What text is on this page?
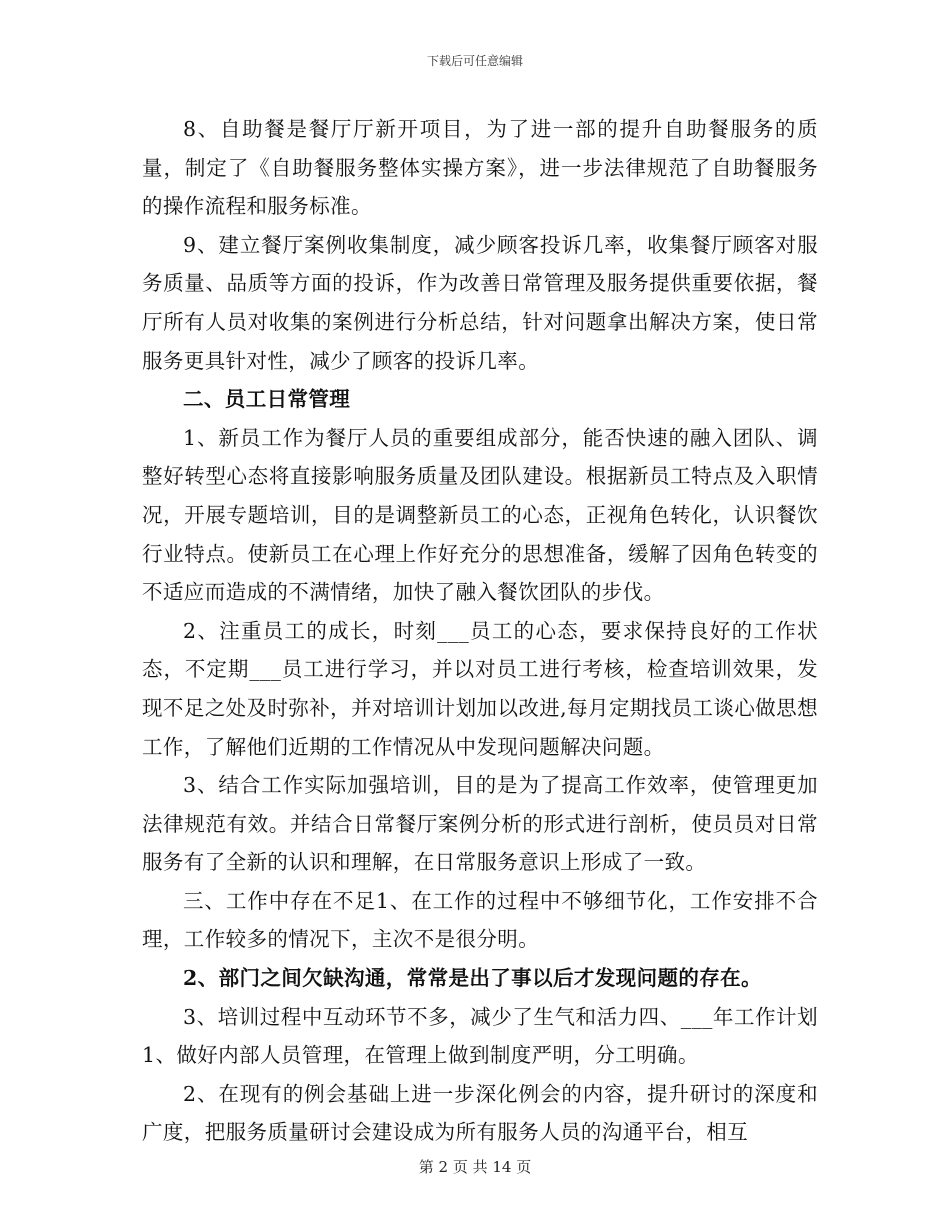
下载后可任意编辑

8、自助餐是餐厅厅新开项目，为了进一部的提升自助餐服务的质量，制定了《自助餐服务整体实操方案》，进一步法律规范了自助餐服务的操作流程和服务标准。

9、建立餐厅案例收集制度，减少顾客投诉几率，收集餐厅顾客对服务质量、品质等方面的投诉，作为改善日常管理及服务提供重要依据，餐厅所有人员对收集的案例进行分析总结，针对问题拿出解决方案，使日常服务更具针对性，减少了顾客的投诉几率。

二、员工日常管理

1、新员工作为餐厅人员的重要组成部分，能否快速的融入团队、调整好转型心态将直接影响服务质量及团队建设。根据新员工特点及入职情况，开展专题培训，目的是调整新员工的心态，正视角色转化，认识餐饮行业特点。使新员工在心理上作好充分的思想准备，缓解了因角色转变的不适应而造成的不满情绪，加快了融入餐饮团队的步伐。

2、注重员工的成长，时刻___员工的心态，要求保持良好的工作状态，不定期___员工进行学习，并以对员工进行考核，检查培训效果，发现不足之处及时弥补，并对培训计划加以改进,每月定期找员工谈心做思想工作，了解他们近期的工作情况从中发现问题解决问题。

3、结合工作实际加强培训，目的是为了提高工作效率，使管理更加法律规范有效。并结合日常餐厅案例分析的形式进行剖析，使员员对日常服务有了全新的认识和理解，在日常服务意识上形成了一致。

三、工作中存在不足1、在工作的过程中不够细节化，工作安排不合理，工作较多的情况下，主次不是很分明。

2、部门之间欠缺沟通，常常是出了事以后才发现问题的存在。

3、培训过程中互动环节不多，减少了生气和活力四、___年工作计划1、做好内部人员管理，在管理上做到制度严明，分工明确。

2、在现有的例会基础上进一步深化例会的内容，提升研讨的深度和广度，把服务质量研讨会建设成为所有服务人员的沟通平台，相互

第 2 页 共 14 页
